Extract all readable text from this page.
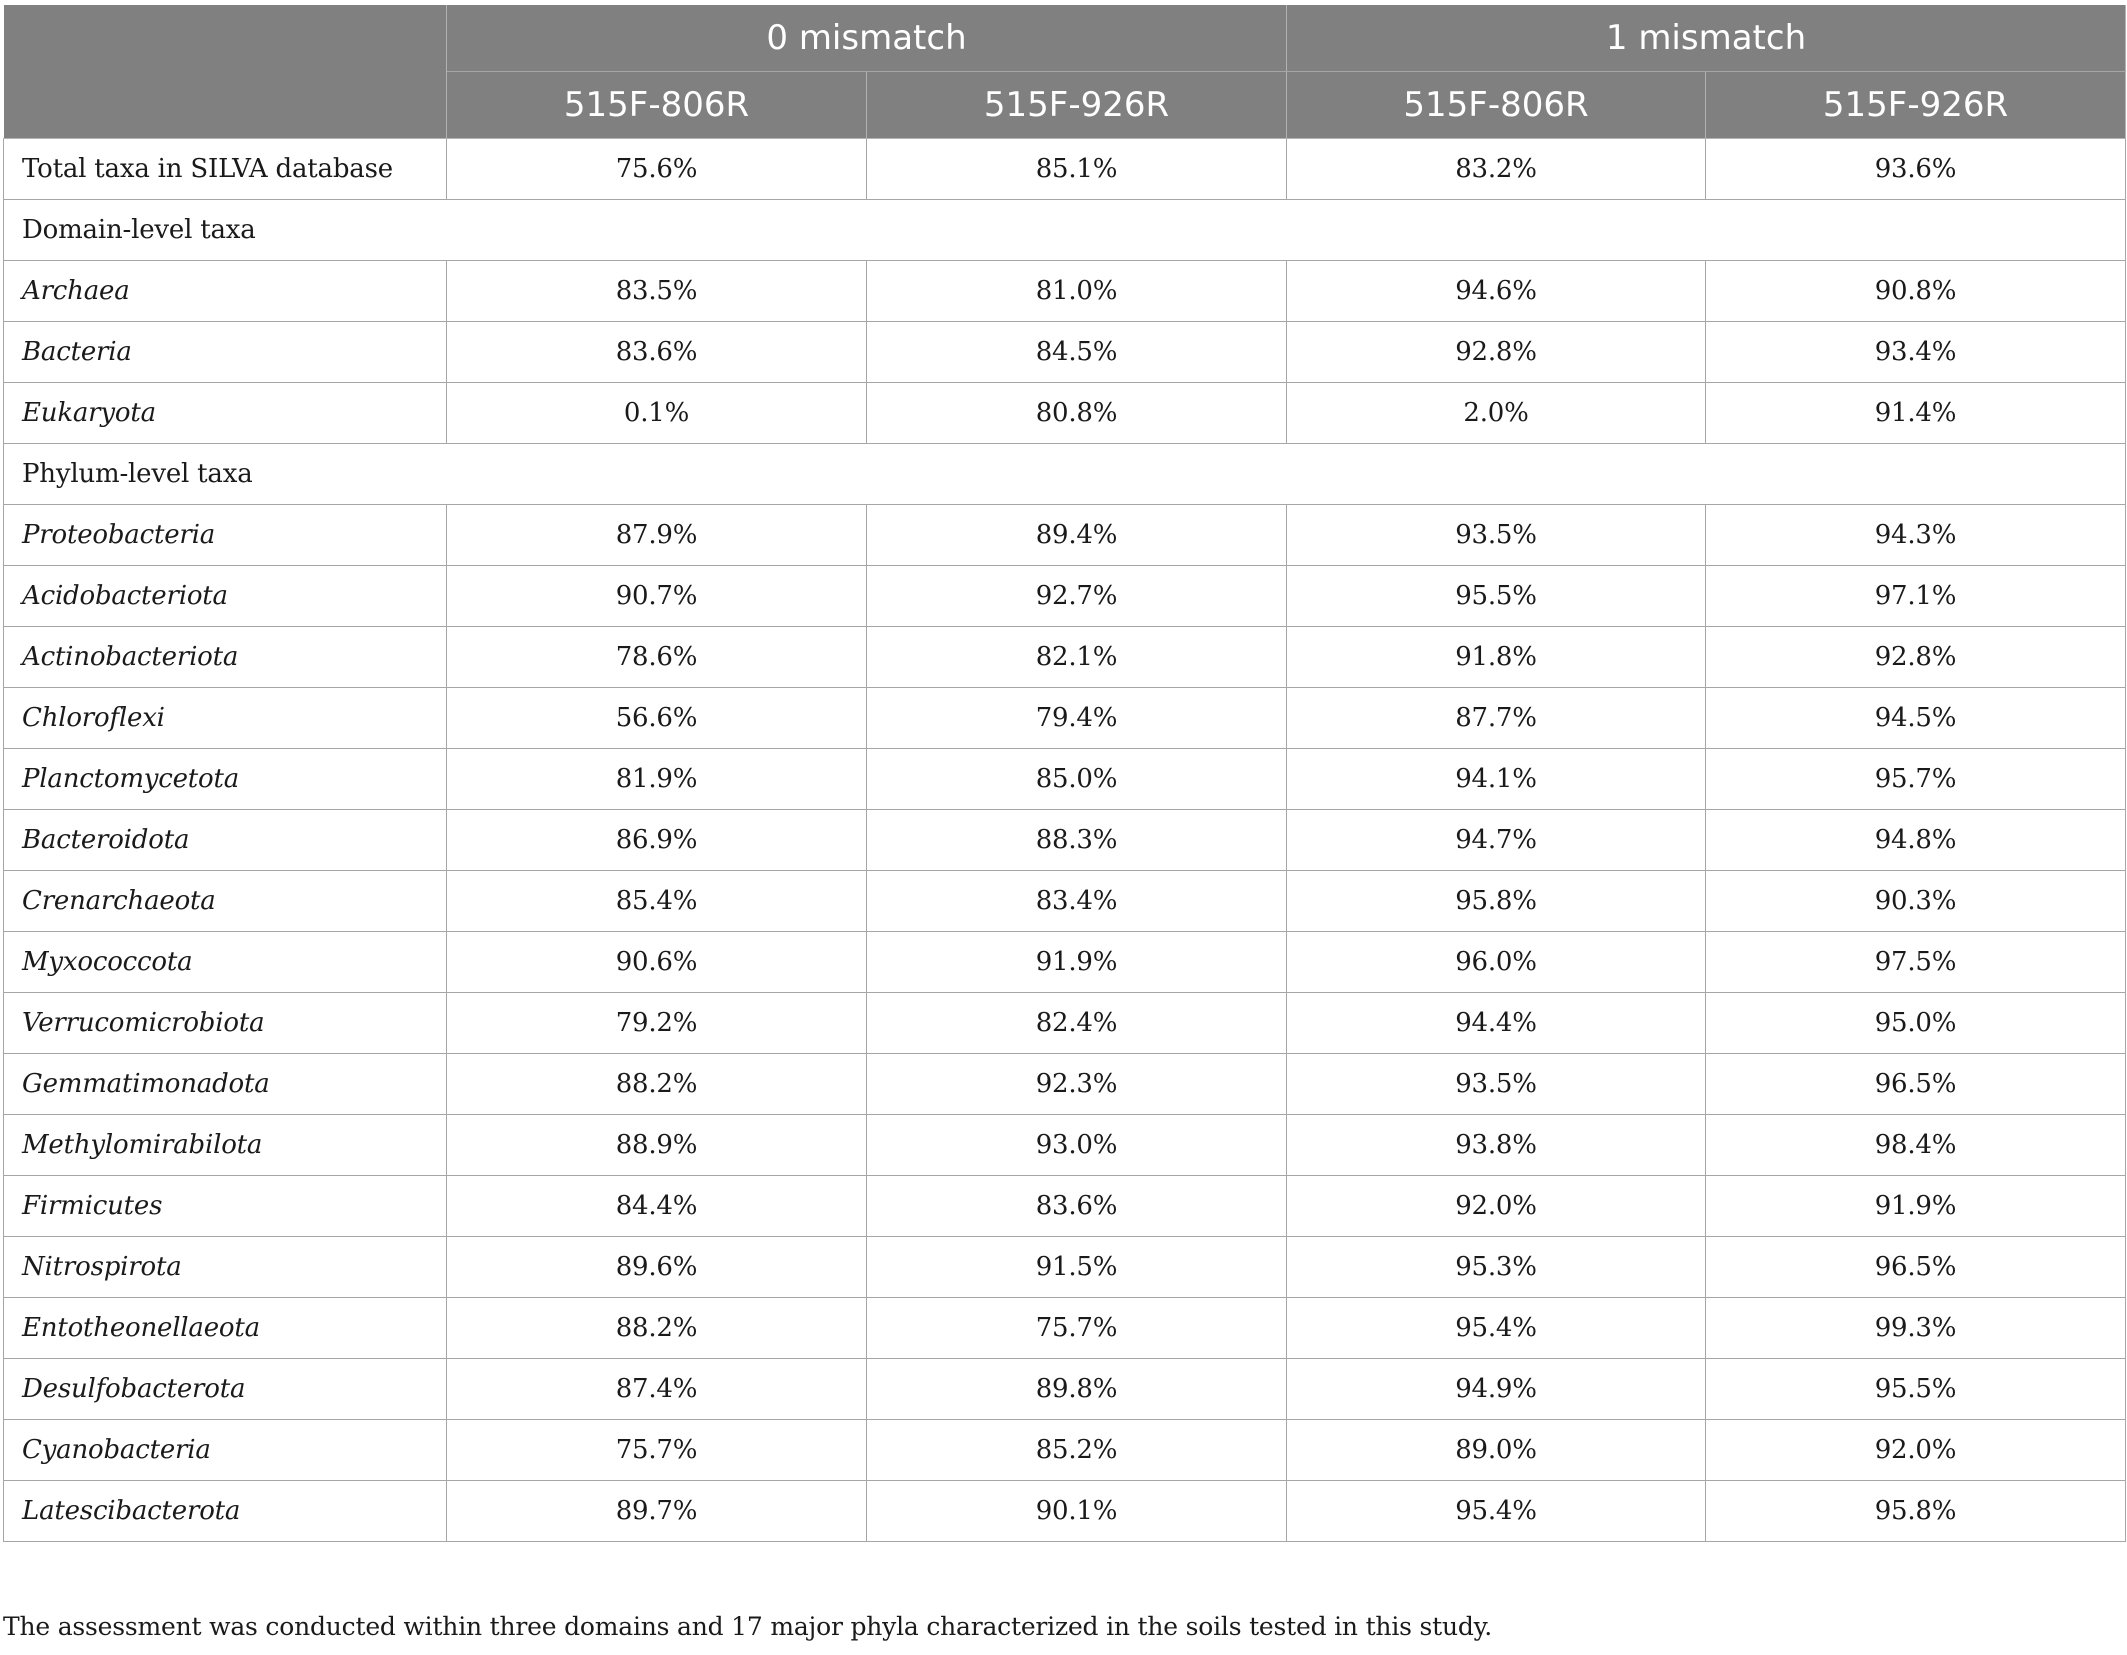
	0 mismatch		1 mismatch	
	515F-806R	515F-926R	515F-806R	515F-926R
Total taxa in SILVA database	75.6%	85.1%	83.2%	93.6%
Domain-level taxa				
Archaea	83.5%	81.0%	94.6%	90.8%
Bacteria	83.6%	84.5%	92.8%	93.4%
Eukaryota	0.1%	80.8%	2.0%	91.4%
Phylum-level taxa				
Proteobacteria	87.9%	89.4%	93.5%	94.3%
Acidobacteriota	90.7%	92.7%	95.5%	97.1%
Actinobacteriota	78.6%	82.1%	91.8%	92.8%
Chloroflexi	56.6%	79.4%	87.7%	94.5%
Planctomycetota	81.9%	85.0%	94.1%	95.7%
Bacteroidota	86.9%	88.3%	94.7%	94.8%
Crenarchaeota	85.4%	83.4%	95.8%	90.3%
Myxococcota	90.6%	91.9%	96.0%	97.5%
Verrucomicrobiota	79.2%	82.4%	94.4%	95.0%
Gemmatimonadota	88.2%	92.3%	93.5%	96.5%
Methylomirabilota	88.9%	93.0%	93.8%	98.4%
Firmicutes	84.4%	83.6%	92.0%	91.9%
Nitrospirota	89.6%	91.5%	95.3%	96.5%
Entotheonellaeota	88.2%	75.7%	95.4%	99.3%
Desulfobacterota	87.4%	89.8%	94.9%	95.5%
Cyanobacteria	75.7%	85.2%	89.0%	92.0%
Latescibacterota	89.7%	90.1%	95.4%	95.8%
The assessment was conducted within three domains and 17 major phyla characterized in the soils tested in this study.
